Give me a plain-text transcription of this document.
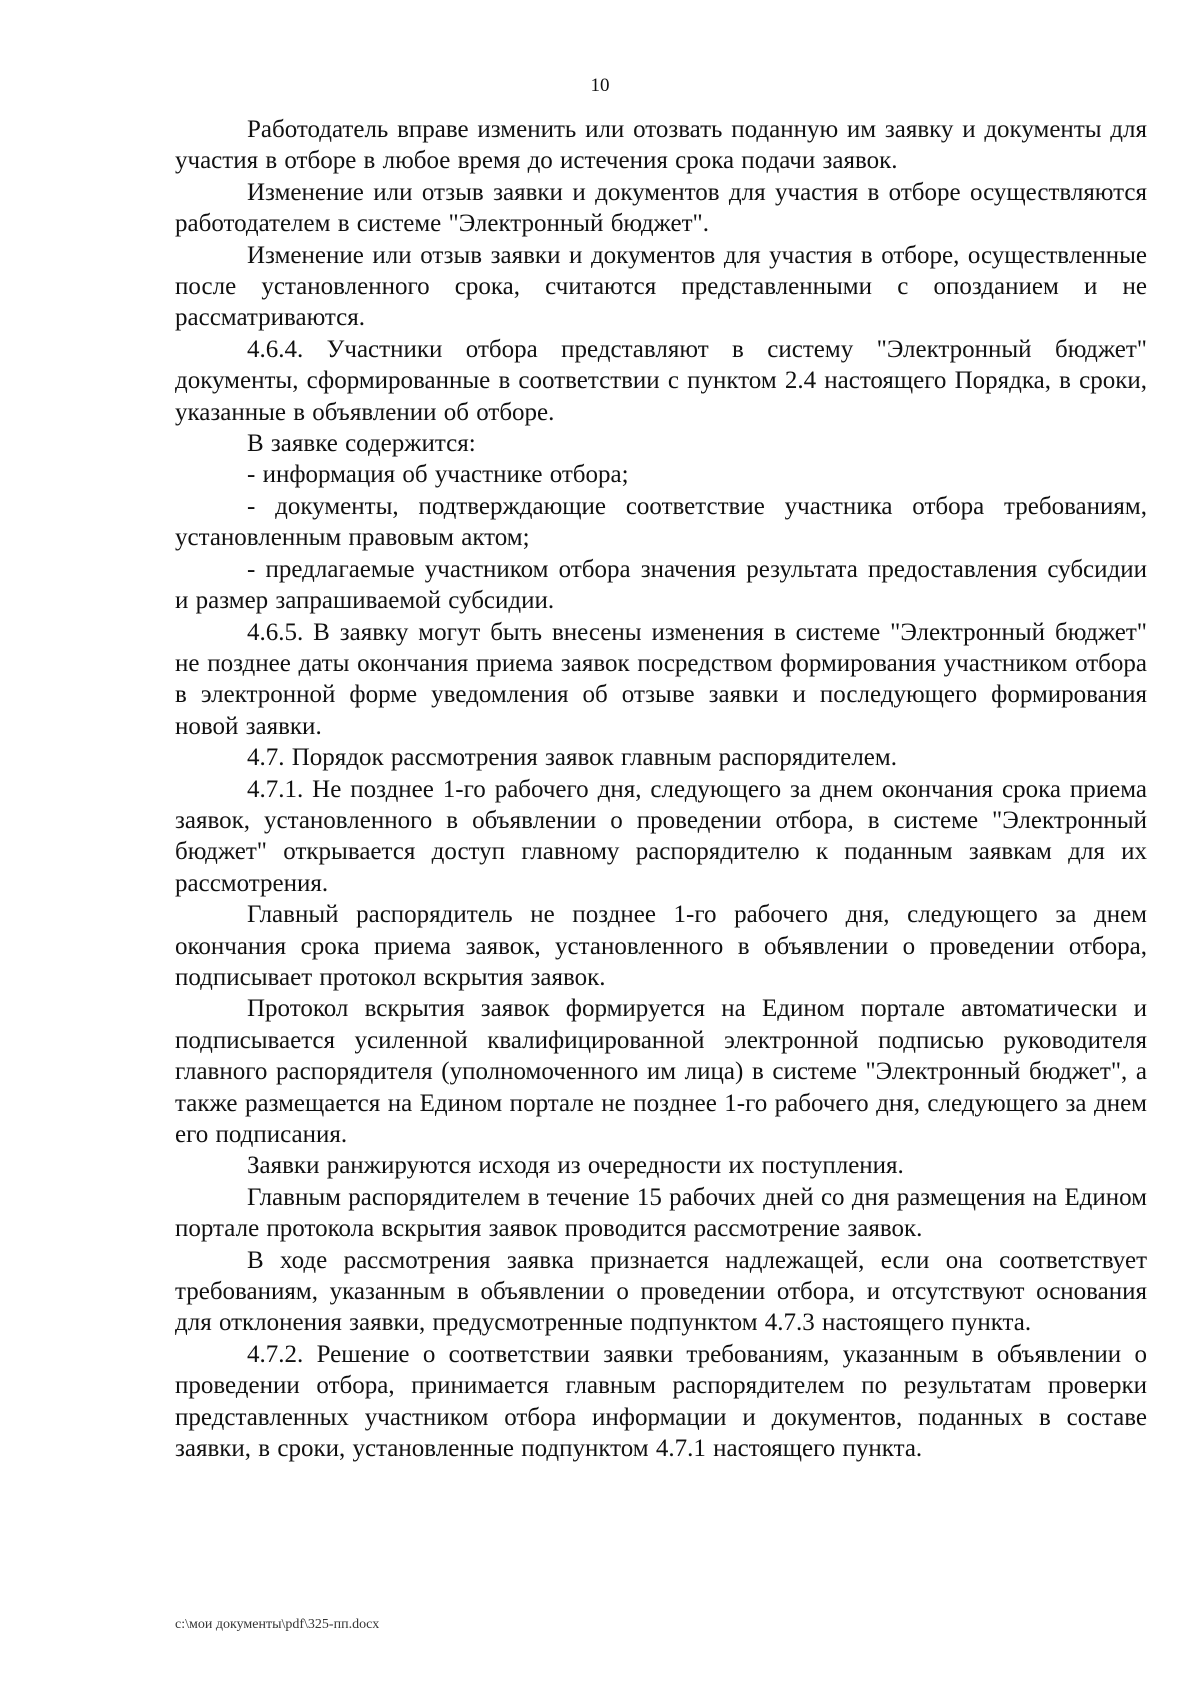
10

Работодатель вправе изменить или отозвать поданную им заявку и документы для участия в отборе в любое время до истечения срока подачи заявок.

Изменение или отзыв заявки и документов для участия в отборе осуществляются работодателем в системе "Электронный бюджет".

Изменение или отзыв заявки и документов для участия в отборе, осуществленные после установленного срока, считаются представленными с опозданием и не рассматриваются.

4.6.4. Участники отбора представляют в систему "Электронный бюджет" документы, сформированные в соответствии с пунктом 2.4 настоящего Порядка, в сроки, указанные в объявлении об отборе.

В заявке содержится:

- информация об участнике отбора;

- документы, подтверждающие соответствие участника отбора требованиям, установленным правовым актом;

- предлагаемые участником отбора значения результата предоставления субсидии и размер запрашиваемой субсидии.

4.6.5. В заявку могут быть внесены изменения в системе "Электронный бюджет" не позднее даты окончания приема заявок посредством формирования участником отбора в электронной форме уведомления об отзыве заявки и последующего формирования новой заявки.

4.7. Порядок рассмотрения заявок главным распорядителем.

4.7.1. Не позднее 1-го рабочего дня, следующего за днем окончания срока приема заявок, установленного в объявлении о проведении отбора, в системе "Электронный бюджет" открывается доступ главному распорядителю к поданным заявкам для их рассмотрения.

Главный распорядитель не позднее 1-го рабочего дня, следующего за днем окончания срока приема заявок, установленного в объявлении о проведении отбора, подписывает протокол вскрытия заявок.

Протокол вскрытия заявок формируется на Едином портале автоматически и подписывается усиленной квалифицированной электронной подписью руководителя главного распорядителя (уполномоченного им лица) в системе "Электронный бюджет", а также размещается на Едином портале не позднее 1-го рабочего дня, следующего за днем его подписания.

Заявки ранжируются исходя из очередности их поступления.

Главным распорядителем в течение 15 рабочих дней со дня размещения на Едином портале протокола вскрытия заявок проводится рассмотрение заявок.

В ходе рассмотрения заявка признается надлежащей, если она соответствует требованиям, указанным в объявлении о проведении отбора, и отсутствуют основания для отклонения заявки, предусмотренные подпунктом 4.7.3 настоящего пункта.

4.7.2. Решение о соответствии заявки требованиям, указанным в объявлении о проведении отбора, принимается главным распорядителем по результатам проверки представленных участником отбора информации и документов, поданных в составе заявки, в сроки, установленные подпунктом 4.7.1 настоящего пункта.

c:\мои документы\pdf\325-пп.docx
